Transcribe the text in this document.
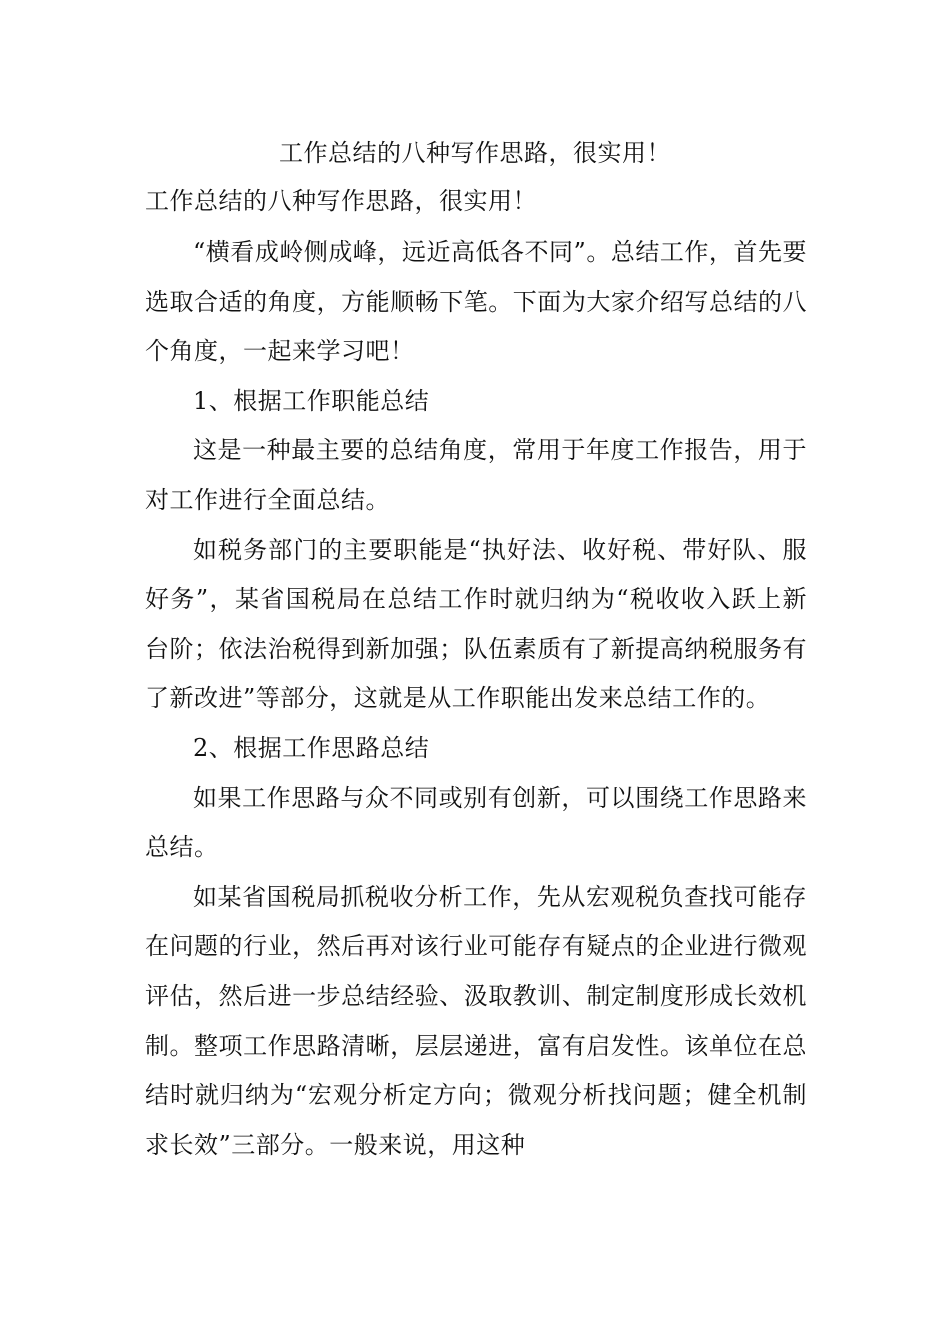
工作总结的八种写作思路，很实用！
工作总结的八种写作思路，很实用！

“横看成岭侧成峰，远近高低各不同”。总结工作，首先要选取合适的角度，方能顺畅下笔。下面为大家介绍写总结的八个角度，一起来学习吧！

1、根据工作职能总结

这是一种最主要的总结角度，常用于年度工作报告，用于对工作进行全面总结。

如税务部门的主要职能是“执好法、收好税、带好队、服好务”，某省国税局在总结工作时就归纳为“税收收入跃上新台阶；依法治税得到新加强；队伍素质有了新提高纳税服务有了新改进”等部分，这就是从工作职能出发来总结工作的。

2、根据工作思路总结

如果工作思路与众不同或别有创新，可以围绕工作思路来总结。

如某省国税局抓税收分析工作，先从宏观税负查找可能存在问题的行业，然后再对该行业可能存有疑点的企业进行微观评估，然后进一步总结经验、汲取教训、制定制度形成长效机制。整项工作思路清晰，层层递进，富有启发性。该单位在总结时就归纳为“宏观分析定方向；微观分析找问题；健全机制求长效”三部分。一般来说，用这种
